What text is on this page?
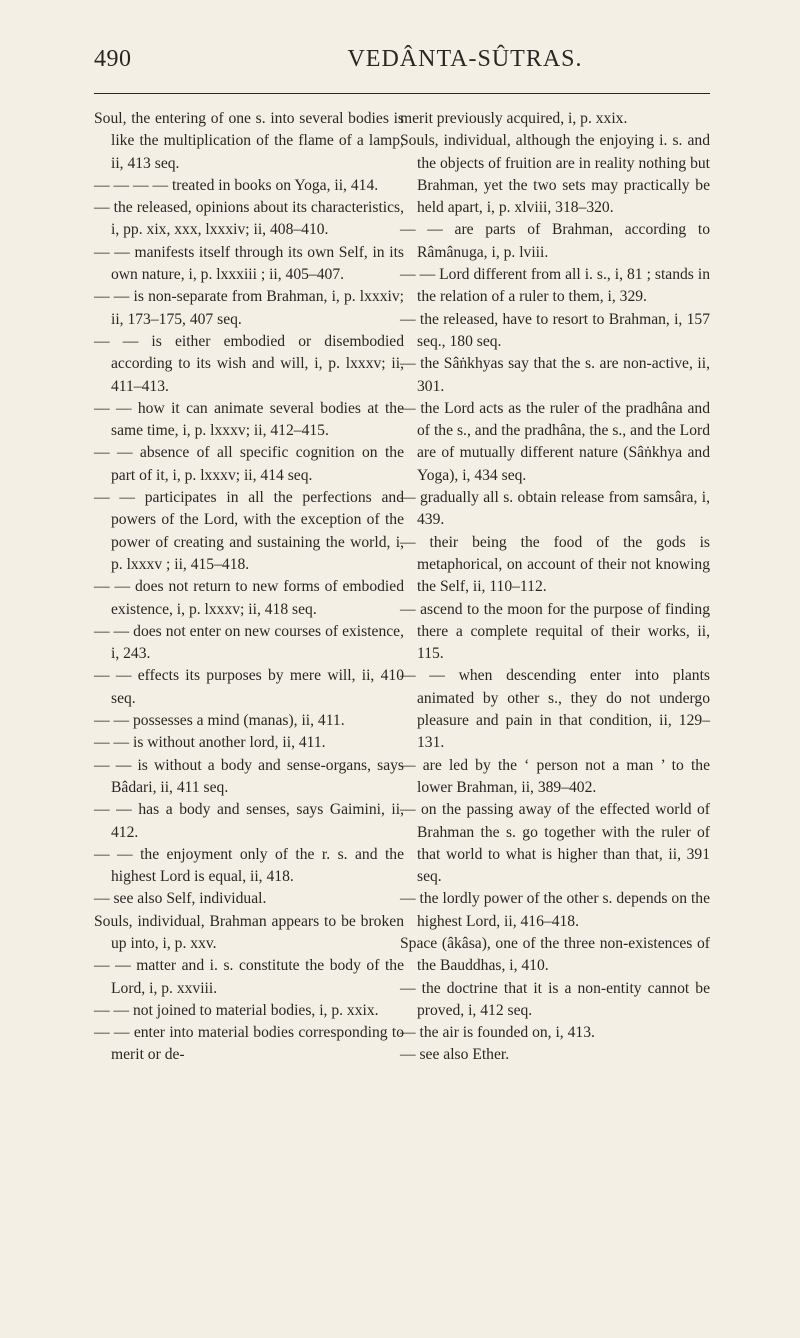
490	VEDÂNTA-SÛTRAS.

Soul, the entering of one s. into several bodies is like the multiplication of the flame of a lamp, ii, 413 seq.

— — — — treated in books on Yoga, ii, 414.

— the released, opinions about its characteristics, i, pp. xix, xxx, lxxxiv; ii, 408–410.

— — manifests itself through its own Self, in its own nature, i, p. lxxxiii ; ii, 405–407.

— — is non-separate from Brahman, i, p. lxxxiv; ii, 173–175, 407 seq.

— — is either embodied or disembodied according to its wish and will, i, p. lxxxv; ii, 411–413.

— — how it can animate several bodies at the same time, i, p. lxxxv; ii, 412–415.

— — absence of all specific cognition on the part of it, i, p. lxxxv; ii, 414 seq.

— — participates in all the perfections and powers of the Lord, with the exception of the power of creating and sustaining the world, i, p. lxxxv ; ii, 415–418.

— — does not return to new forms of embodied existence, i, p. lxxxv; ii, 418 seq.

— — does not enter on new courses of existence, i, 243.

— — effects its purposes by mere will, ii, 410 seq.

— — possesses a mind (manas), ii, 411.

— — is without another lord, ii, 411.

— — is without a body and sense-organs, says Bâdari, ii, 411 seq.

— — has a body and senses, says Gaimini, ii, 412.

— — the enjoyment only of the r. s. and the highest Lord is equal, ii, 418.

— see also Self, individual.

Souls, individual, Brahman appears to be broken up into, i, p. xxv.

— — matter and i. s. constitute the body of the Lord, i, p. xxviii.

— — not joined to material bodies, i, p. xxix.

— — enter into material bodies corresponding to merit or de-

merit previously acquired, i, p. xxix.

Souls, individual, although the enjoying i. s. and the objects of fruition are in reality nothing but Brahman, yet the two sets may practically be held apart, i, p. xlviii, 318–320.

— — are parts of Brahman, according to Râmânuga, i, p. lviii.

— — Lord different from all i. s., i, 81 ; stands in the relation of a ruler to them, i, 329.

— the released, have to resort to Brahman, i, 157 seq., 180 seq.

— the Sâṅkhyas say that the s. are non-active, ii, 301.

— the Lord acts as the ruler of the pradhâna and of the s., and the pradhâna, the s., and the Lord are of mutually different nature (Sâṅkhya and Yoga), i, 434 seq.

— gradually all s. obtain release from samsâra, i, 439.

— their being the food of the gods is metaphorical, on account of their not knowing the Self, ii, 110–112.

— ascend to the moon for the purpose of finding there a complete requital of their works, ii, 115.

— — when descending enter into plants animated by other s., they do not undergo pleasure and pain in that condition, ii, 129–131.

— are led by the ‘ person not a man ’ to the lower Brahman, ii, 389–402.

— on the passing away of the effected world of Brahman the s. go together with the ruler of that world to what is higher than that, ii, 391 seq.

— the lordly power of the other s. depends on the highest Lord, ii, 416–418.

Space (âkâsa), one of the three non-existences of the Bauddhas, i, 410.

— the doctrine that it is a non-entity cannot be proved, i, 412 seq.

— the air is founded on, i, 413.

— see also Ether.
